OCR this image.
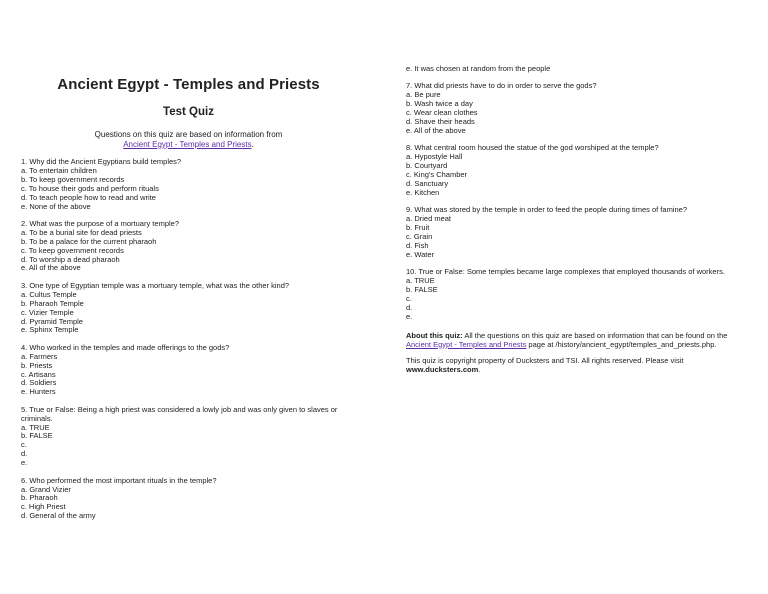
Ancient Egypt - Temples and Priests
Test Quiz
Questions on this quiz are based on information from
Ancient Egypt - Temples and Priests.
1. Why did the Ancient Egyptians build temples?
a. To entertain children
b. To keep government records
c. To house their gods and perform rituals
d. To teach people how to read and write
e. None of the above
2. What was the purpose of a mortuary temple?
a. To be a burial site for dead priests
b. To be a palace for the current pharaoh
c. To keep government records
d. To worship a dead pharaoh
e. All of the above
3. One type of Egyptian temple was a mortuary temple, what was the other kind?
a. Cultus Temple
b. Pharaoh Temple
c. Vizier Temple
d. Pyramid Temple
e. Sphinx Temple
4. Who worked in the temples and made offerings to the gods?
a. Farmers
b. Priests
c. Artisans
d. Soldiers
e. Hunters
5. True or False: Being a high priest was considered a lowly job and was only given to slaves or criminals.
a. TRUE
b. FALSE
c.
d.
e.
6. Who performed the most important rituals in the temple?
a. Grand Vizier
b. Pharaoh
c. High Priest
d. General of the army
e. It was chosen at random from the people
7. What did priests have to do in order to serve the gods?
a. Be pure
b. Wash twice a day
c. Wear clean clothes
d. Shave their heads
e. All of the above
8. What central room housed the statue of the god worshiped at the temple?
a. Hypostyle Hall
b. Courtyard
c. King's Chamber
d. Sanctuary
e. Kitchen
9. What was stored by the temple in order to feed the people during times of famine?
a. Dried meat
b. Fruit
c. Grain
d. Fish
e. Water
10. True or False: Some temples became large complexes that employed thousands of workers.
a. TRUE
b. FALSE
c.
d.
e.
About this quiz: All the questions on this quiz are based on information that can be found on the
Ancient Egypt - Temples and Priests page at /history/ancient_egypt/temples_and_priests.php.
This quiz is copyright property of Ducksters and TSI. All rights reserved. Please visit
www.ducksters.com.
